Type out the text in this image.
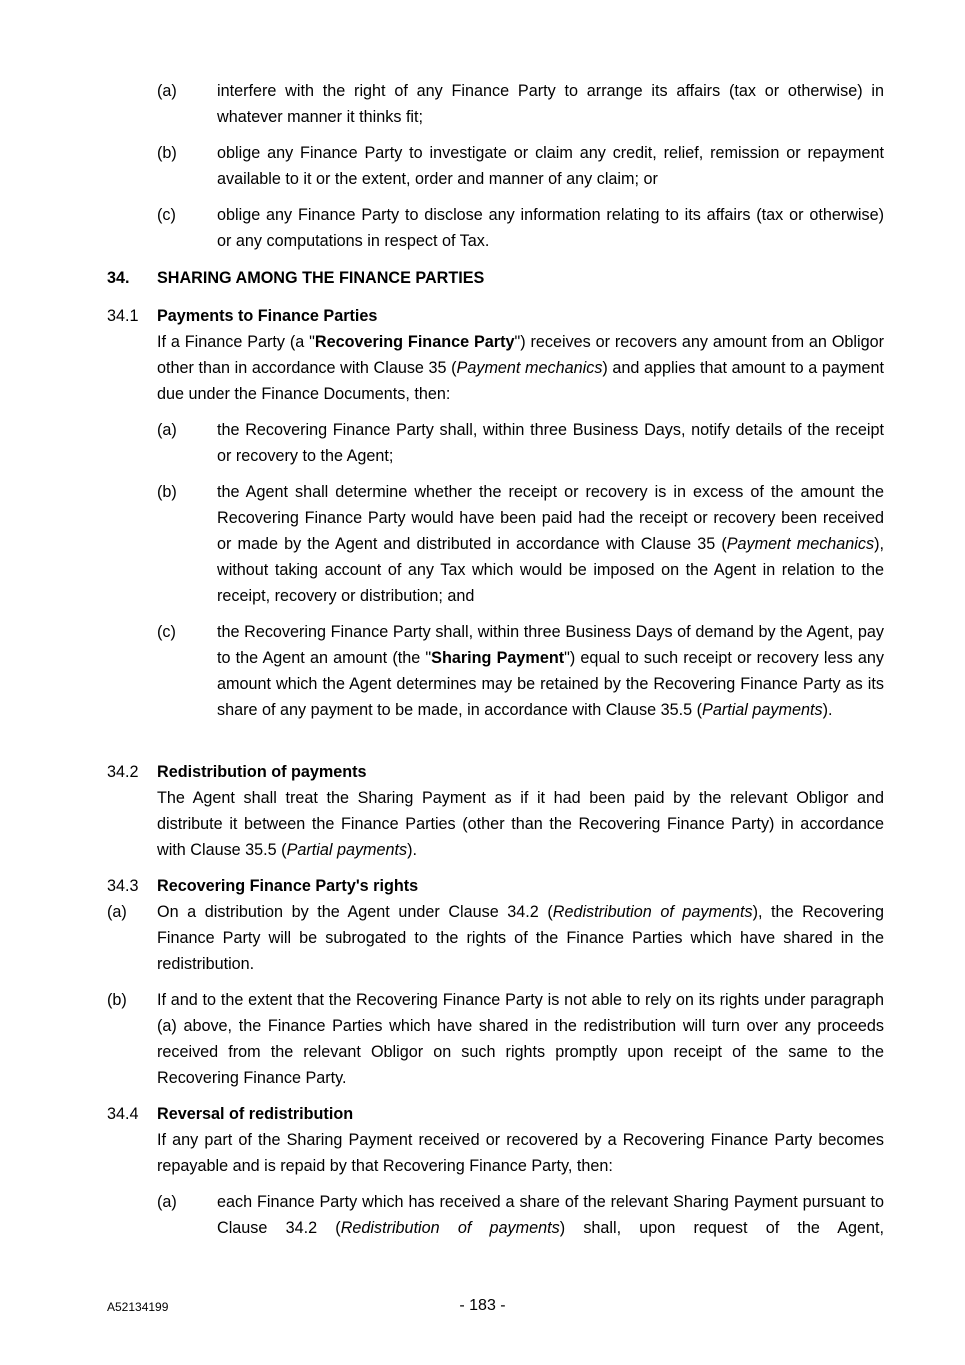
(a) interfere with the right of any Finance Party to arrange its affairs (tax or otherwise) in whatever manner it thinks fit;
(b) oblige any Finance Party to investigate or claim any credit, relief, remission or repayment available to it or the extent, order and manner of any claim; or
(c)	oblige any Finance Party to disclose any information relating to its affairs (tax or otherwise) or any computations in respect of Tax.
34. SHARING AMONG THE FINANCE PARTIES
34.1 Payments to Finance Parties
If a Finance Party (a "Recovering Finance Party") receives or recovers any amount from an Obligor other than in accordance with Clause 35 (Payment mechanics) and applies that amount to a payment due under the Finance Documents, then:
(a) the Recovering Finance Party shall, within three Business Days, notify details of the receipt or recovery to the Agent;
(b) the Agent shall determine whether the receipt or recovery is in excess of the amount the Recovering Finance Party would have been paid had the receipt or recovery been received or made by the Agent and distributed in accordance with Clause 35 (Payment mechanics), without taking account of any Tax which would be imposed on the Agent in relation to the receipt, recovery or distribution; and
(c)	the Recovering Finance Party shall, within three Business Days of demand by the Agent, pay to the Agent an amount (the "Sharing Payment") equal to such receipt or recovery less any amount which the Agent determines may be retained by the Recovering Finance Party as its share of any payment to be made, in accordance with Clause 35.5 (Partial payments).
34.2 Redistribution of payments
The Agent shall treat the Sharing Payment as if it had been paid by the relevant Obligor and distribute it between the Finance Parties (other than the Recovering Finance Party) in accordance with Clause 35.5 (Partial payments).
34.3 Recovering Finance Party's rights
(a) On a distribution by the Agent under Clause 34.2 (Redistribution of payments), the Recovering Finance Party will be subrogated to the rights of the Finance Parties which have shared in the redistribution.
(b) If and to the extent that the Recovering Finance Party is not able to rely on its rights under paragraph (a) above, the Finance Parties which have shared in the redistribution will turn over any proceeds received from the relevant Obligor on such rights promptly upon receipt of the same to the Recovering Finance Party.
34.4 Reversal of redistribution
If any part of the Sharing Payment received or recovered by a Recovering Finance Party becomes repayable and is repaid by that Recovering Finance Party, then:
(a) each Finance Party which has received a share of the relevant Sharing Payment pursuant to Clause 34.2 (Redistribution of payments) shall, upon request of the Agent,
A52134199	- 183 -
